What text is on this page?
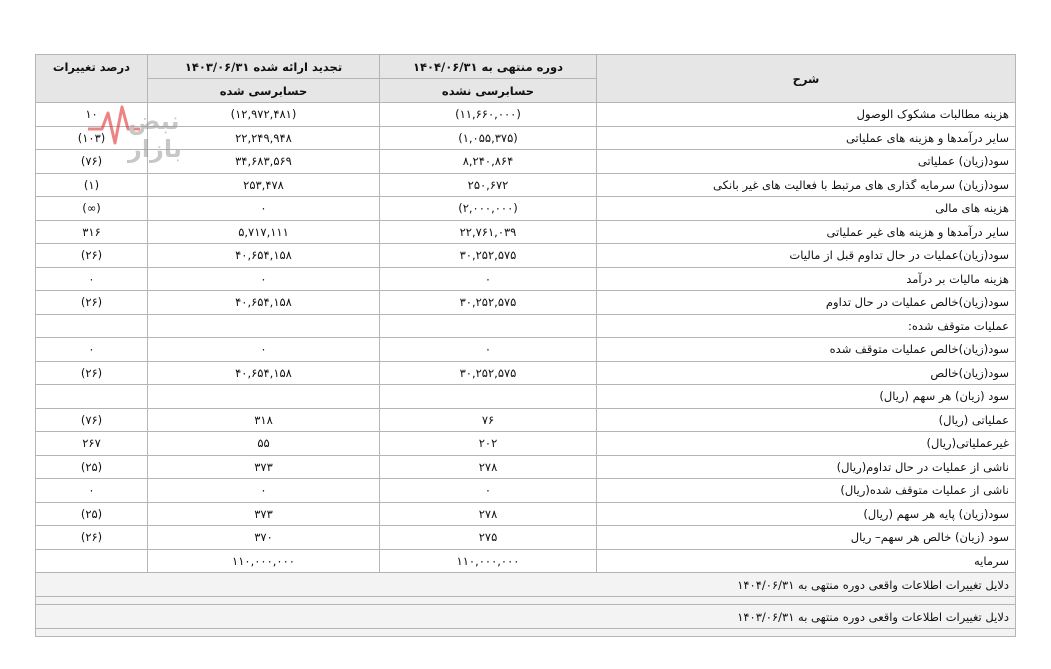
شرح	دوره منتهی به ۱۴۰۴/۰۶/۳۱	تجدید ارائه شده ۱۴۰۳/۰۶/۳۱	درصد تغییرات
	حسابرسی نشده	حسابرسی شده	
هزینه مطالبات مشکوک الوصول	(۱۱,۶۶۰,۰۰۰)	(۱۲,۹۷۲,۴۸۱)	۱۰
سایر درآمدها و هزینه های عملیاتی	(۱,۰۵۵,۳۷۵)	۲۲,۲۴۹,۹۴۸	(۱۰۳)
سود(زیان) عملیاتی	۸,۲۴۰,۸۶۴	۳۴,۶۸۳,۵۶۹	(۷۶)
سود(زیان) سرمایه گذاری های مرتبط با فعالیت های غیر بانکی	۲۵۰,۶۷۲	۲۵۳,۴۷۸	(۱)
هزینه های مالی	(۲,۰۰۰,۰۰۰)	۰	(∞)
سایر درآمدها و هزینه های غیر عملیاتی	۲۲,۷۶۱,۰۳۹	۵,۷۱۷,۱۱۱	۳۱۶
سود(زیان)عملیات در حال تداوم قبل از مالیات	۳۰,۲۵۲,۵۷۵	۴۰,۶۵۴,۱۵۸	(۲۶)
هزینه مالیات بر درآمد	۰	۰	۰
سود(زیان)خالص عملیات در حال تداوم	۳۰,۲۵۲,۵۷۵	۴۰,۶۵۴,۱۵۸	(۲۶)
عملیات متوقف شده:			
سود(زیان)خالص عملیات متوقف شده	۰	۰	۰
سود(زیان)خالص	۳۰,۲۵۲,۵۷۵	۴۰,۶۵۴,۱۵۸	(۲۶)
سود (زیان) هر سهم (ریال)			
عملیاتی (ریال)	۷۶	۳۱۸	(۷۶)
غیرعملیاتی(ریال)	۲۰۲	۵۵	۲۶۷
ناشی از عملیات در حال تداوم(ریال)	۲۷۸	۳۷۳	(۲۵)
ناشی از عملیات متوقف شده(ریال)	۰	۰	۰
سود(زیان) پایه هر سهم (ریال)	۲۷۸	۳۷۳	(۲۵)
سود (زیان) خالص هر سهم– ریال	۲۷۵	۳۷۰	(۲۶)
سرمایه	۱۱۰,۰۰۰,۰۰۰	۱۱۰,۰۰۰,۰۰۰	
دلایل تغییرات اطلاعات واقعی دوره منتهی به ۱۴۰۴/۰۶/۳۱			

دلایل تغییرات اطلاعات واقعی دوره منتهی به ۱۴۰۳/۰۶/۳۱			

نبض بازار
